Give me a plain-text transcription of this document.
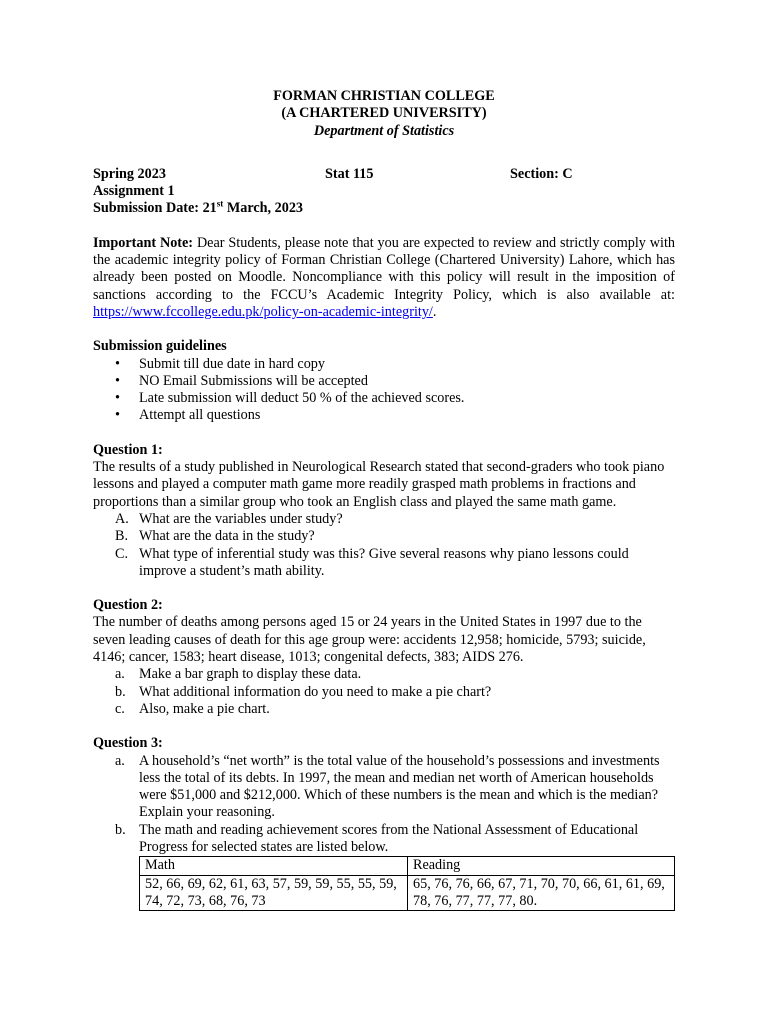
FORMAN CHRISTIAN COLLEGE
(A CHARTERED UNIVERSITY)
Department of Statistics
Spring 2023	Stat 115	Section: C
Assignment 1
Submission Date: 21st March, 2023

Important Note: Dear Students, please note that you are expected to review and strictly comply with the academic integrity policy of Forman Christian College (Chartered University) Lahore, which has already been posted on Moodle. Noncompliance with this policy will result in the imposition of sanctions according to the FCCU’s Academic Integrity Policy, which is also available at: https://www.fccollege.edu.pk/policy-on-academic-integrity/.

Submission guidelines
• Submit till due date in hard copy
• NO Email Submissions will be accepted
• Late submission will deduct 50 % of the achieved scores.
• Attempt all questions
Question 1:

The results of a study published in Neurological Research stated that second-graders who took piano lessons and played a computer math game more readily grasped math problems in fractions and proportions than a similar group who took an English class and played the same math game.

A. What are the variables under study?
B. What are the data in the study?
C. What type of inferential study was this? Give several reasons why piano lessons could improve a student’s math ability.
Question 2:

The number of deaths among persons aged 15 or 24 years in the United States in 1997 due to the seven leading causes of death for this age group were: accidents 12,958; homicide, 5793; suicide, 4146; cancer, 1583; heart disease, 1013; congenital defects, 383; AIDS 276.

a. Make a bar graph to display these data.
b. What additional information do you need to make a pie chart?
c. Also, make a pie chart.
Question 3:
a. A household’s “net worth” is the total value of the household’s possessions and investments less the total of its debts. In 1997, the mean and median net worth of American households were $51,000 and $212,000. Which of these numbers is the mean and which is the median? Explain your reasoning.
b. The math and reading achievement scores from the National Assessment of Educational Progress for selected states are listed below.
Math	Reading
52, 66, 69, 62, 61, 63, 57, 59, 59, 55, 55, 59, 74, 72, 73, 68, 76, 73	65, 76, 76, 66, 67, 71, 70, 70, 66, 61, 61, 69, 78, 76, 77, 77, 77, 80.
